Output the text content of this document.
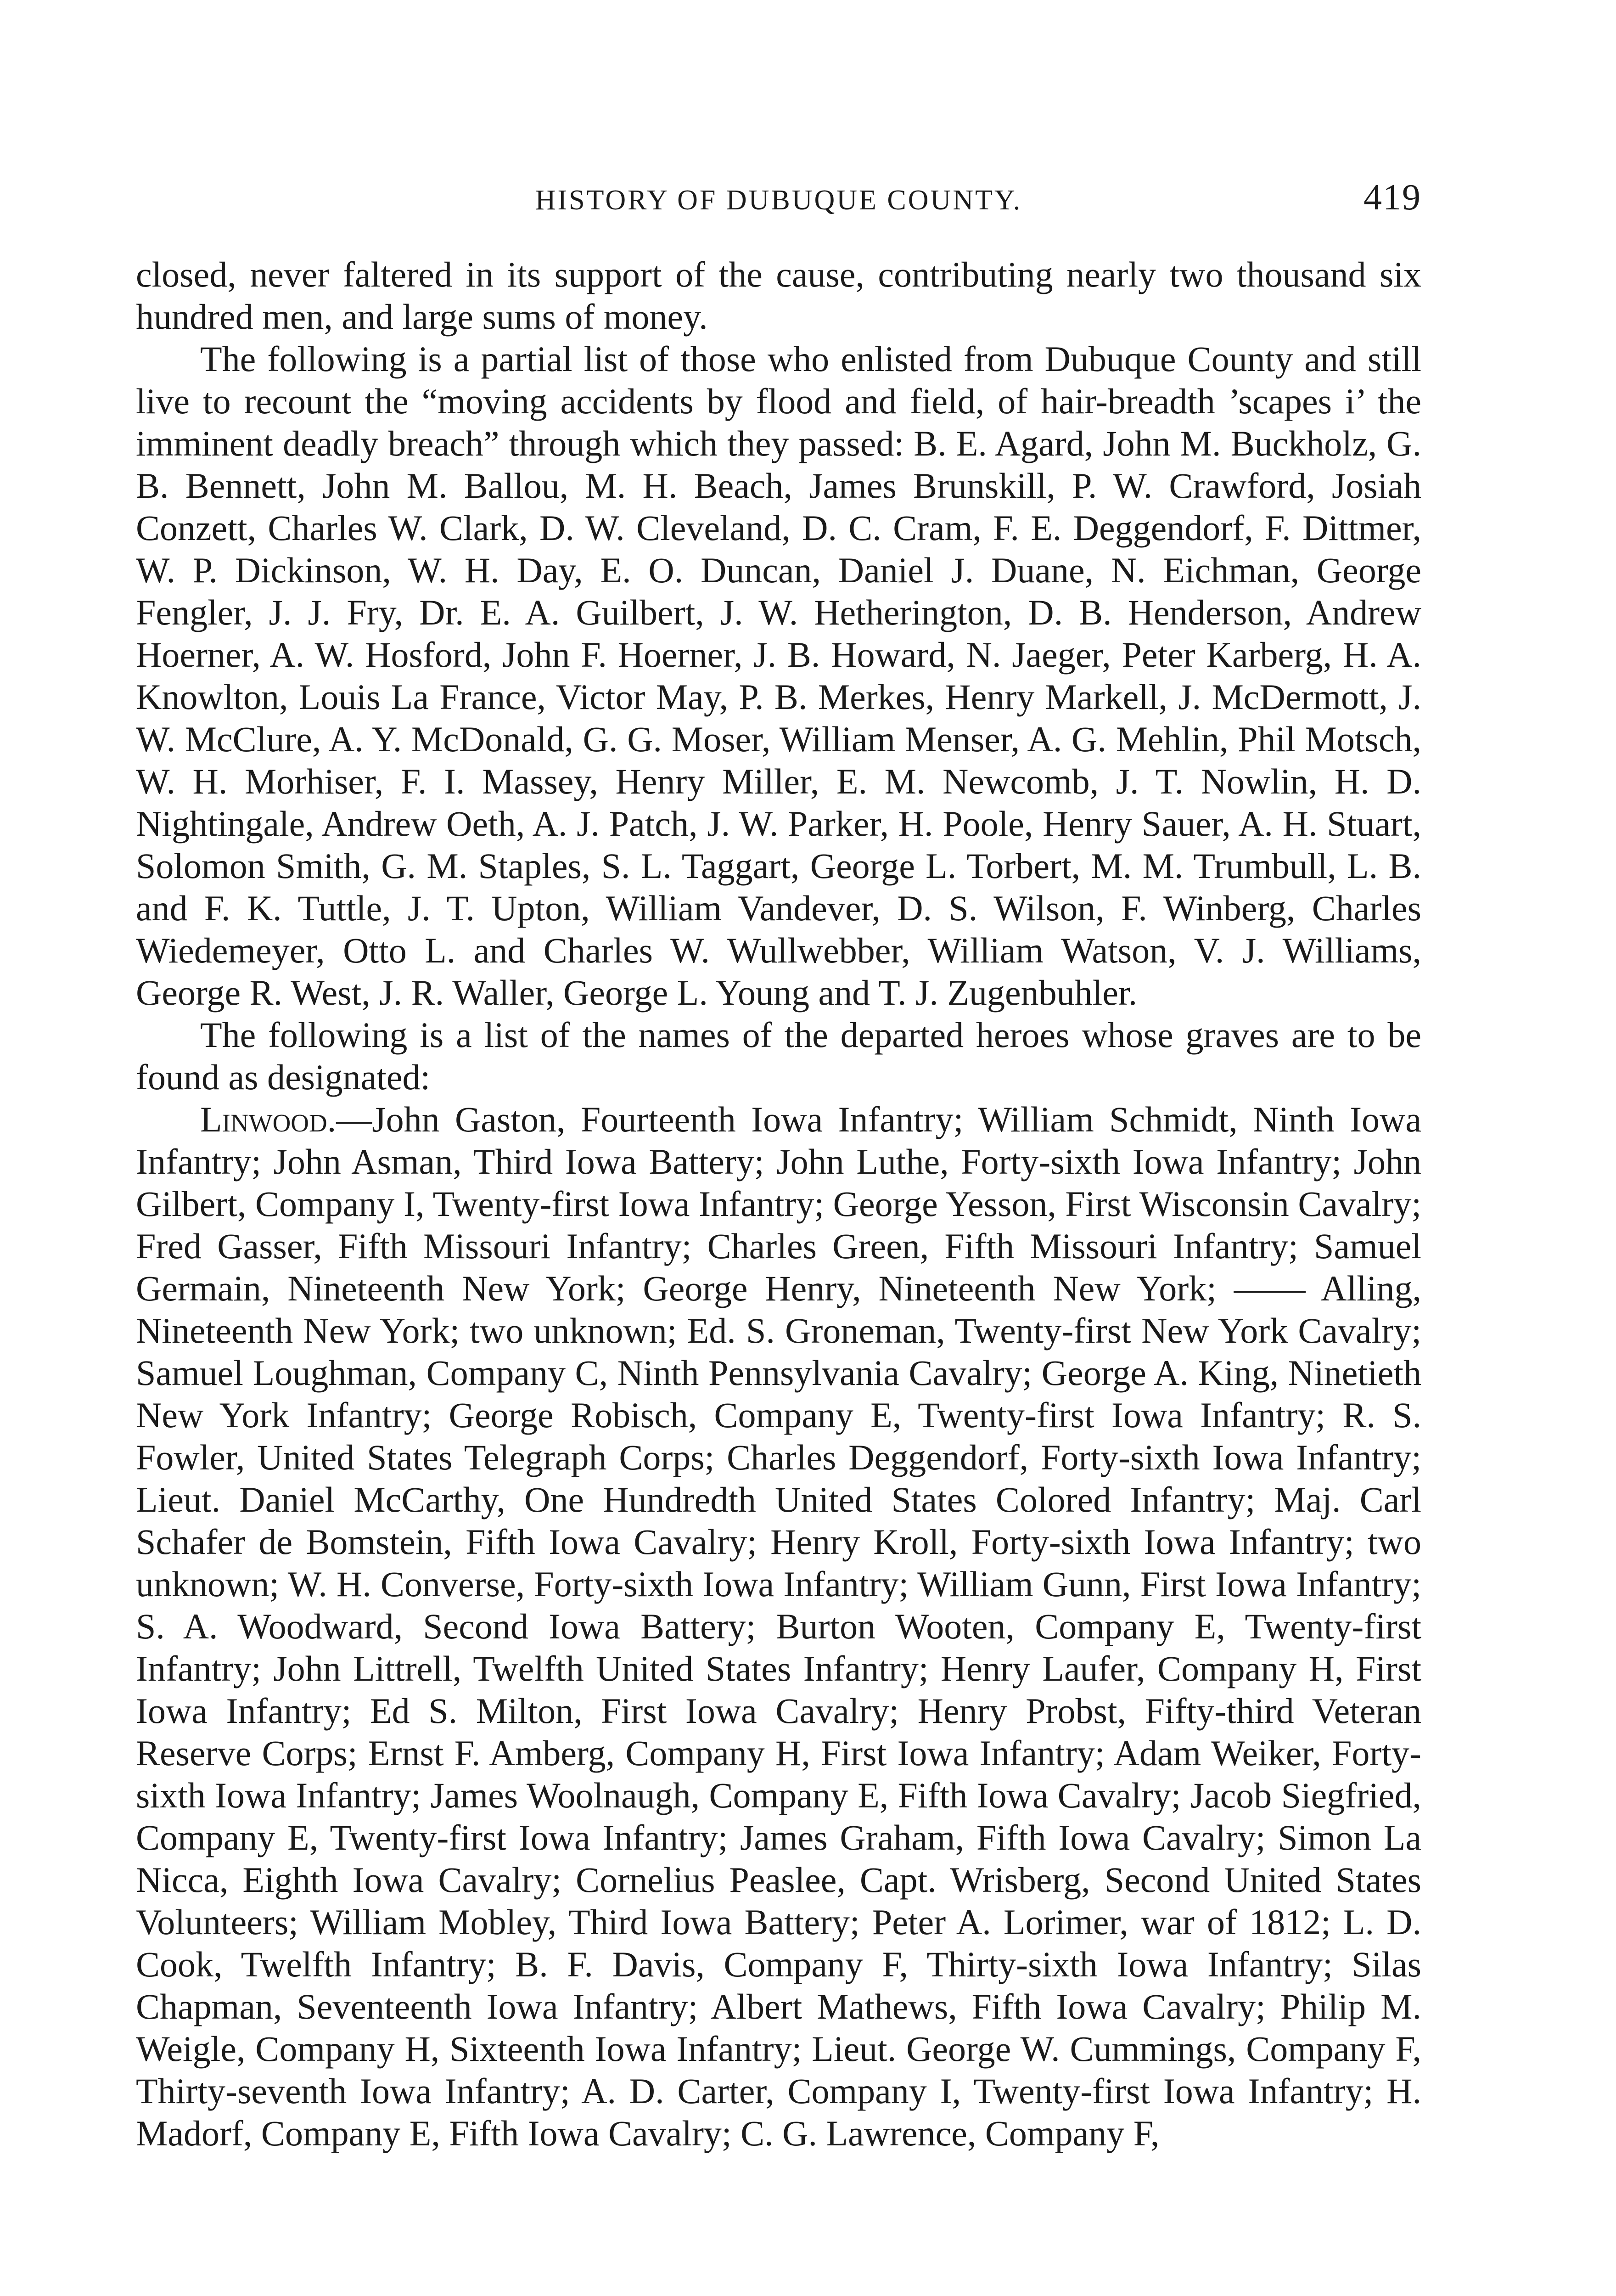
HISTORY OF DUBUQUE COUNTY.	419

closed, never faltered in its support of the cause, contributing nearly two thousand six hundred men, and large sums of money.

The following is a partial list of those who enlisted from Dubuque County and still live to recount the “moving accidents by flood and field, of hair-breadth ’scapes i’ the imminent deadly breach” through which they passed: B. E. Agard, John M. Buckholz, G. B. Bennett, John M. Ballou, M. H. Beach, James Brunskill, P. W. Crawford, Josiah Conzett, Charles W. Clark, D. W. Cleveland, D. C. Cram, F. E. Deggendorf, F. Dittmer, W. P. Dickinson, W. H. Day, E. O. Duncan, Daniel J. Duane, N. Eichman, George Fengler, J. J. Fry, Dr. E. A. Guilbert, J. W. Hetherington, D. B. Henderson, Andrew Hoerner, A. W. Hosford, John F. Hoerner, J. B. Howard, N. Jaeger, Peter Karberg, H. A. Knowlton, Louis La France, Victor May, P. B. Merkes, Henry Markell, J. McDermott, J. W. McClure, A. Y. McDonald, G. G. Moser, William Menser, A. G. Mehlin, Phil Motsch, W. H. Morhiser, F. I. Massey, Henry Miller, E. M. Newcomb, J. T. Nowlin, H. D. Nightingale, Andrew Oeth, A. J. Patch, J. W. Parker, H. Poole, Henry Sauer, A. H. Stuart, Solomon Smith, G. M. Staples, S. L. Taggart, George L. Torbert, M. M. Trumbull, L. B. and F. K. Tuttle, J. T. Upton, William Vandever, D. S. Wilson, F. Winberg, Charles Wiedemeyer, Otto L. and Charles W. Wullwebber, William Watson, V. J. Williams, George R. West, J. R. Waller, George L. Young and T. J. Zugenbuhler.

The following is a list of the names of the departed heroes whose graves are to be found as designated:

Linwood.—John Gaston, Fourteenth Iowa Infantry; William Schmidt, Ninth Iowa Infantry; John Asman, Third Iowa Battery; John Luthe, Forty-sixth Iowa Infantry; John Gilbert, Company I, Twenty-first Iowa Infantry; George Yesson, First Wisconsin Cavalry; Fred Gasser, Fifth Missouri Infantry; Charles Green, Fifth Missouri Infantry; Samuel Germain, Nineteenth New York; George Henry, Nineteenth New York; —— Alling, Nineteenth New York; two unknown; Ed. S. Groneman, Twenty-first New York Cavalry; Samuel Loughman, Company C, Ninth Pennsylvania Cavalry; George A. King, Ninetieth New York Infantry; George Robisch, Company E, Twenty-first Iowa Infantry; R. S. Fowler, United States Telegraph Corps; Charles Deggendorf, Forty-sixth Iowa Infantry; Lieut. Daniel McCarthy, One Hundredth United States Colored Infantry; Maj. Carl Schafer de Bomstein, Fifth Iowa Cavalry; Henry Kroll, Forty-sixth Iowa Infantry; two unknown; W. H. Converse, Forty-sixth Iowa Infantry; William Gunn, First Iowa Infantry; S. A. Woodward, Second Iowa Battery; Burton Wooten, Company E, Twenty-first Infantry; John Littrell, Twelfth United States Infantry; Henry Laufer, Company H, First Iowa Infantry; Ed S. Milton, First Iowa Cavalry; Henry Probst, Fifty-third Veteran Reserve Corps; Ernst F. Amberg, Company H, First Iowa Infantry; Adam Weiker, Forty-sixth Iowa Infantry; James Woolnaugh, Company E, Fifth Iowa Cavalry; Jacob Siegfried, Company E, Twenty-first Iowa Infantry; James Graham, Fifth Iowa Cavalry; Simon La Nicca, Eighth Iowa Cavalry; Cornelius Peaslee, Capt. Wrisberg, Second United States Volunteers; William Mobley, Third Iowa Battery; Peter A. Lorimer, war of 1812; L. D. Cook, Twelfth Infantry; B. F. Davis, Company F, Thirty-sixth Iowa Infantry; Silas Chapman, Seventeenth Iowa Infantry; Albert Mathews, Fifth Iowa Cavalry; Philip M. Weigle, Company H, Sixteenth Iowa Infantry; Lieut. George W. Cummings, Company F, Thirty-seventh Iowa Infantry; A. D. Carter, Company I, Twenty-first Iowa Infantry; H. Madorf, Company E, Fifth Iowa Cavalry; C. G. Lawrence, Company F,
